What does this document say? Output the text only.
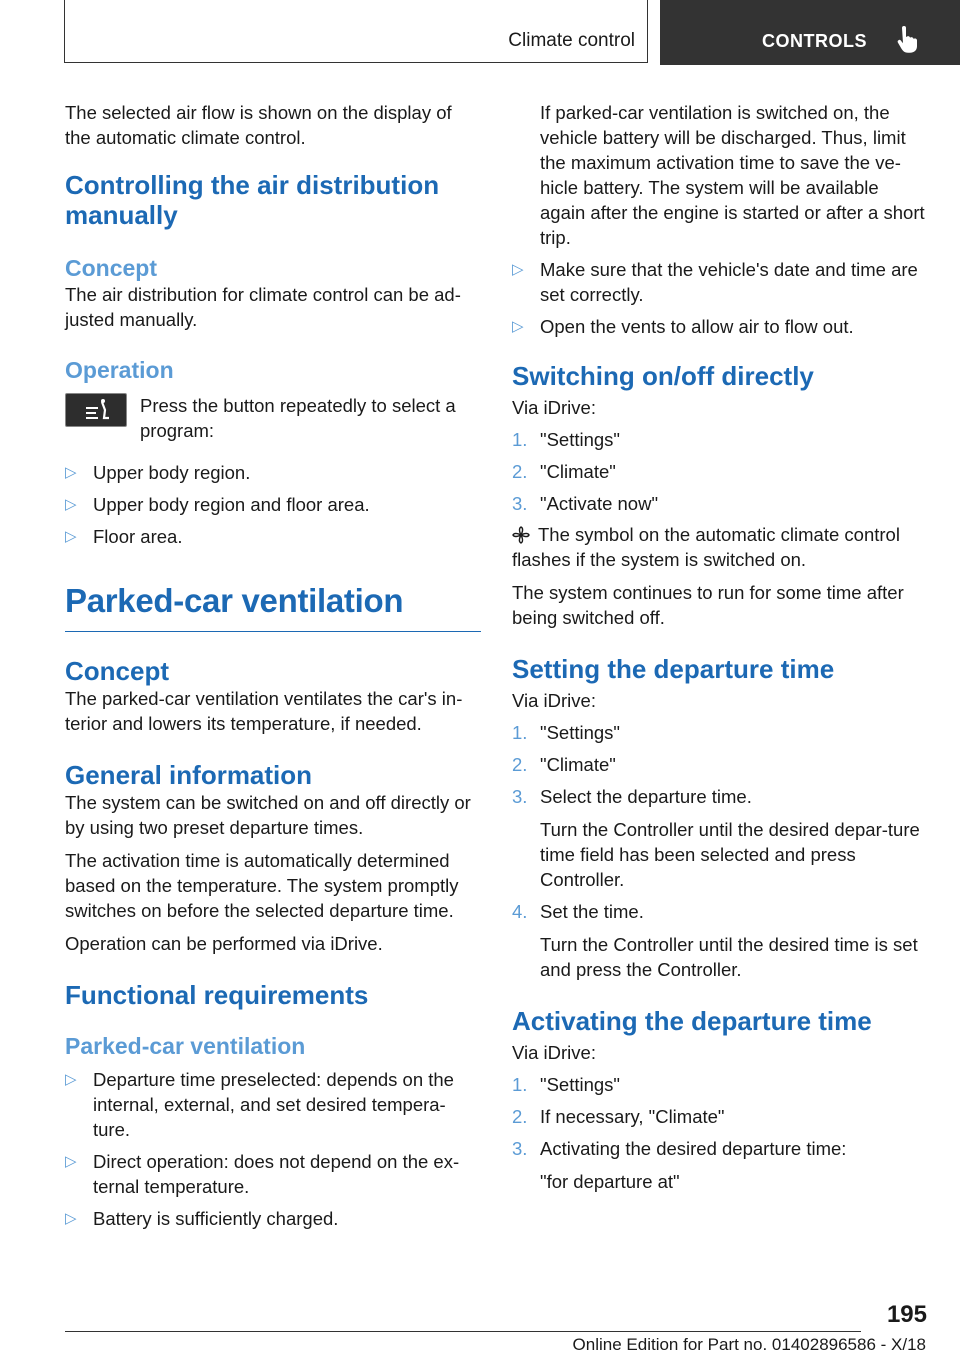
Climate control	CONTROLS

The selected air flow is shown on the display of the automatic climate control.

Controlling the air distribution manually
Concept

The air distribution for climate control can be ad‐justed manually.

Operation

Press the button repeatedly to select a program:

▷ Upper body region.
▷ Upper body region and floor area.
▷ Floor area.
Parked-car ventilation
Concept

The parked-car ventilation ventilates the car's in‐terior and lowers its temperature, if needed.

General information

The system can be switched on and off directly or by using two preset departure times.

The activation time is automatically determined based on the temperature. The system promptly switches on before the selected departure time.

Operation can be performed via iDrive.

Functional requirements
Parked-car ventilation
▷ Departure time preselected: depends on the internal, external, and set desired tempera‐ture.
▷ Direct operation: does not depend on the ex‐ternal temperature.
▷ Battery is sufficiently charged.

If parked-car ventilation is switched on, the vehicle battery will be discharged. Thus, limit the maximum activation time to save the ve‐hicle battery. The system will be available again after the engine is started or after a short trip.

▷ Make sure that the vehicle's date and time are set correctly.
▷ Open the vents to allow air to flow out.
Switching on/off directly

Via iDrive:

1. "Settings"
2. "Climate"
3. "Activate now"

The symbol on the automatic climate control flashes if the system is switched on.

The system continues to run for some time after being switched off.

Setting the departure time

Via iDrive:

1. "Settings"
2. "Climate"
3. Select the departure time.
Turn the Controller until the desired depar‐ture time field has been selected and press Controller.
4. Set the time.
Turn the Controller until the desired time is set and press the Controller.
Activating the departure time

Via iDrive:

1. "Settings"
2. If necessary, "Climate"
3. Activating the desired departure time:
"for departure at"
195
Online Edition for Part no. 01402896586 - X/18
